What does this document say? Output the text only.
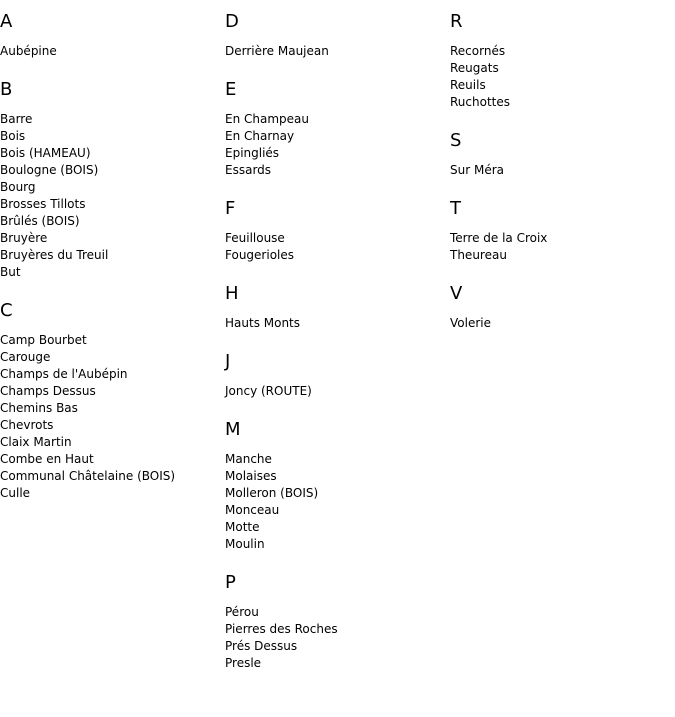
A
Aubépine
B
Barre
Bois
Bois (HAMEAU)
Boulogne (BOIS)
Bourg
Brosses Tillots
Brûlés (BOIS)
Bruyère
Bruyères du Treuil
But
C
Camp Bourbet
Carouge
Champs de l'Aubépin
Champs Dessus
Chemins Bas
Chevrots
Claix Martin
Combe en Haut
Communal Châtelaine (BOIS)
Culle
D
Derrière Maujean
E
En Champeau
En Charnay
Epingliés
Essards
F
Feuillouse
Fougerioles
H
Hauts Monts
J
Joncy (ROUTE)
M
Manche
Molaises
Molleron (BOIS)
Monceau
Motte
Moulin
P
Pérou
Pierres des Roches
Prés Dessus
Presle
R
Recornés
Reugats
Reuils
Ruchottes
S
Sur Méra
T
Terre de la Croix
Theureau
V
Volerie
